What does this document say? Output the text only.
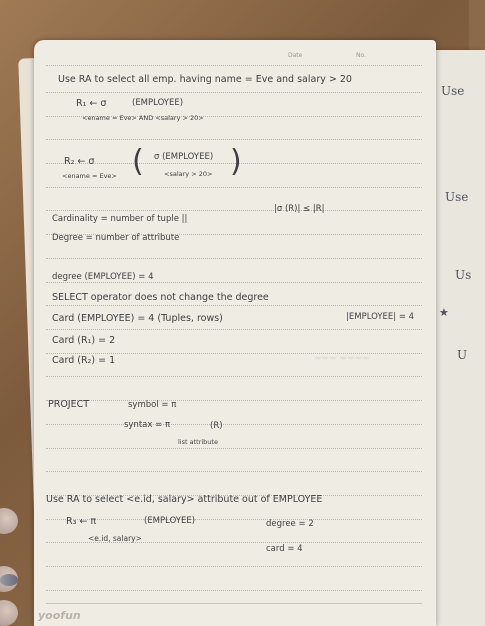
Use
Use
Us
★
U
Date	No.
Use RA to select all emp. having name = Eve and salary > 20
R₁ ← σ	(EMPLOYEE)
<ename = Eve> AND <salary > 20>
R₂ ← σ ( σ (EMPLOYEE) )
<ename = Eve>	<salary > 20>
Cardinality = number of tuple ||
|σ (R)| ≤ |R|
Degree = number of attribute
degree (EMPLOYEE) = 4
SELECT operator does not change the degree
Card (EMPLOYEE) = 4 (Tuples, rows)	|EMPLOYEE| = 4
Card (R₁) = 2
Card (R₂) = 1	~~~ ~~~~
PROJECT	symbol = π
syntax = π	(R)
list attribute
Use RA to select <e.id, salary> attribute out of EMPLOYEE
R₃ ← π	(EMPLOYEE)	degree = 2
<e.id, salary>
card = 4
yoofun
